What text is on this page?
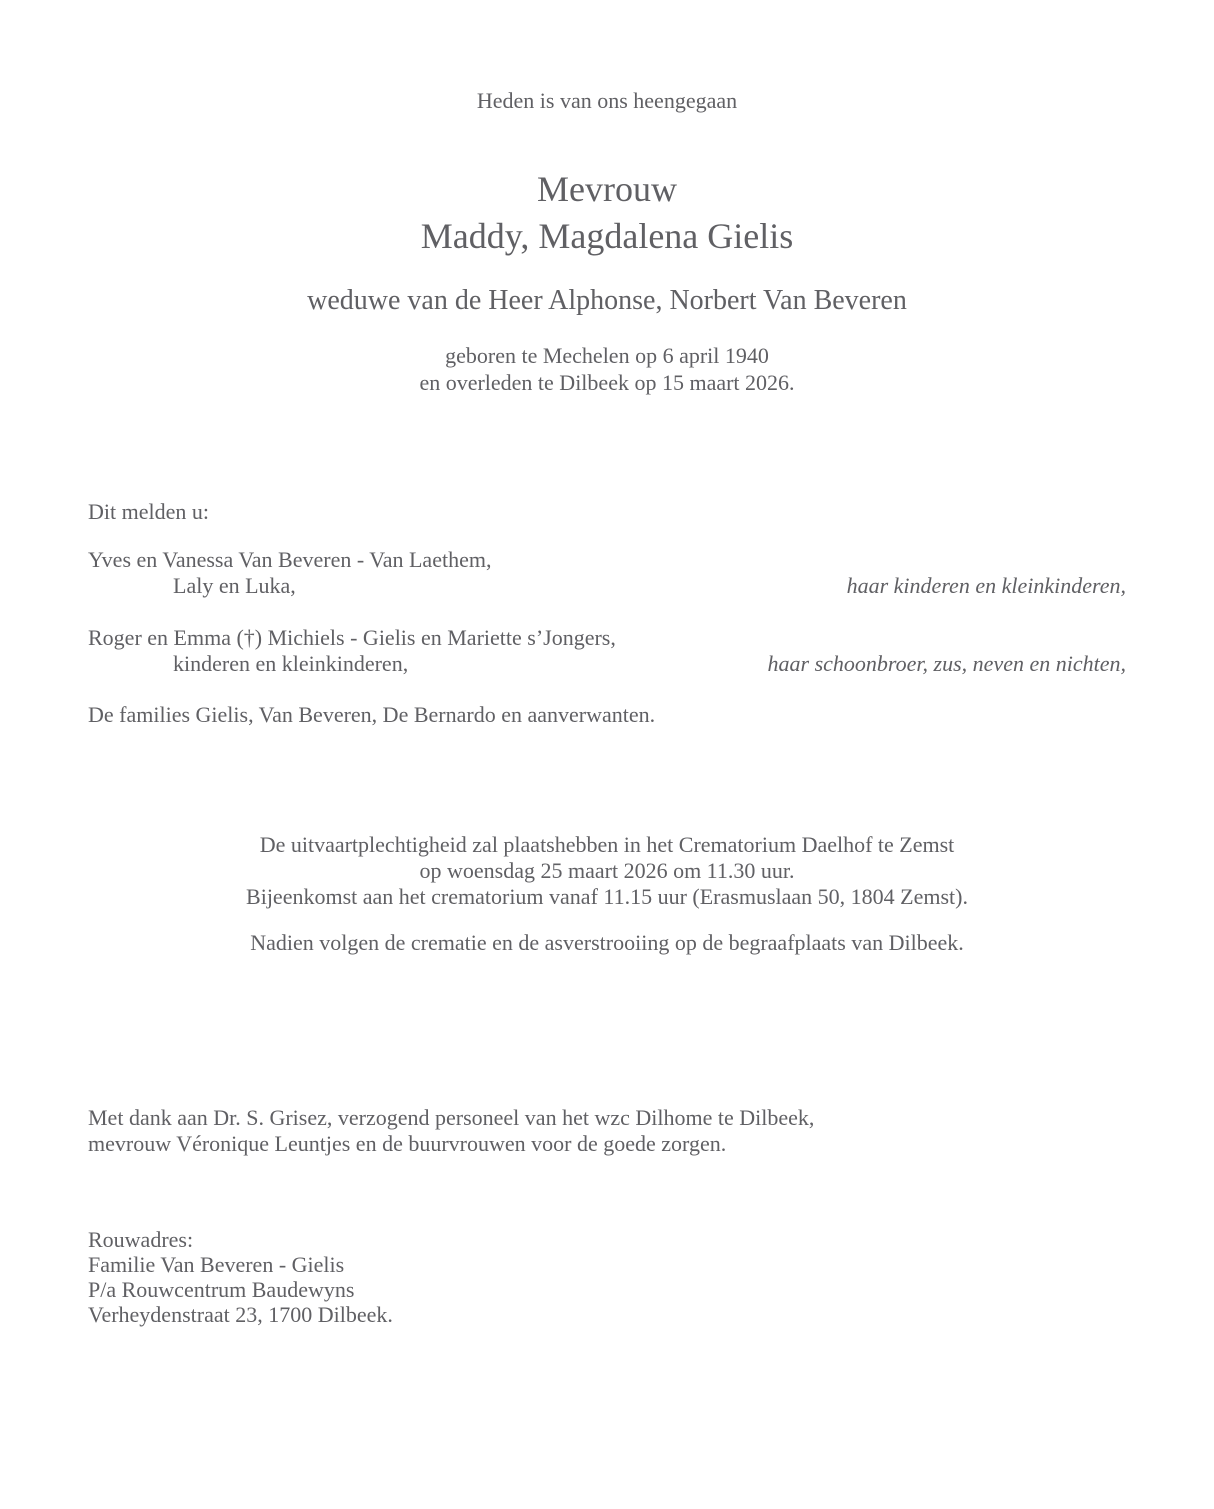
Heden is van ons heengegaan

Mevrouw
Maddy, Magdalena Gielis

weduwe van de Heer Alphonse, Norbert Van Beveren

geboren te Mechelen op 6 april 1940
en overleden te Dilbeek op 15 maart 2026.

Dit melden u:

Yves en Vanessa Van Beveren - Van Laethem,
Laly en Luka,	haar kinderen en kleinkinderen,
Roger en Emma (†) Michiels - Gielis en Mariette s’Jongers,
kinderen en kleinkinderen,	haar schoonbroer, zus, neven en nichten,

De families Gielis, Van Beveren, De Bernardo en aanverwanten.

De uitvaartplechtigheid zal plaatshebben in het Crematorium Daelhof te Zemst
op woensdag 25 maart 2026 om 11.30 uur.
Bijeenkomst aan het crematorium vanaf 11.15 uur (Erasmuslaan 50, 1804 Zemst).

Nadien volgen de crematie en de asverstrooiing op de begraafplaats van Dilbeek.

Met dank aan Dr. S. Grisez, verzogend personeel van het wzc Dilhome te Dilbeek,
mevrouw Véronique Leuntjes en de buurvrouwen voor de goede zorgen.
Rouwadres:
Familie Van Beveren - Gielis
P/a Rouwcentrum Baudewyns
Verheydenstraat 23, 1700 Dilbeek.
